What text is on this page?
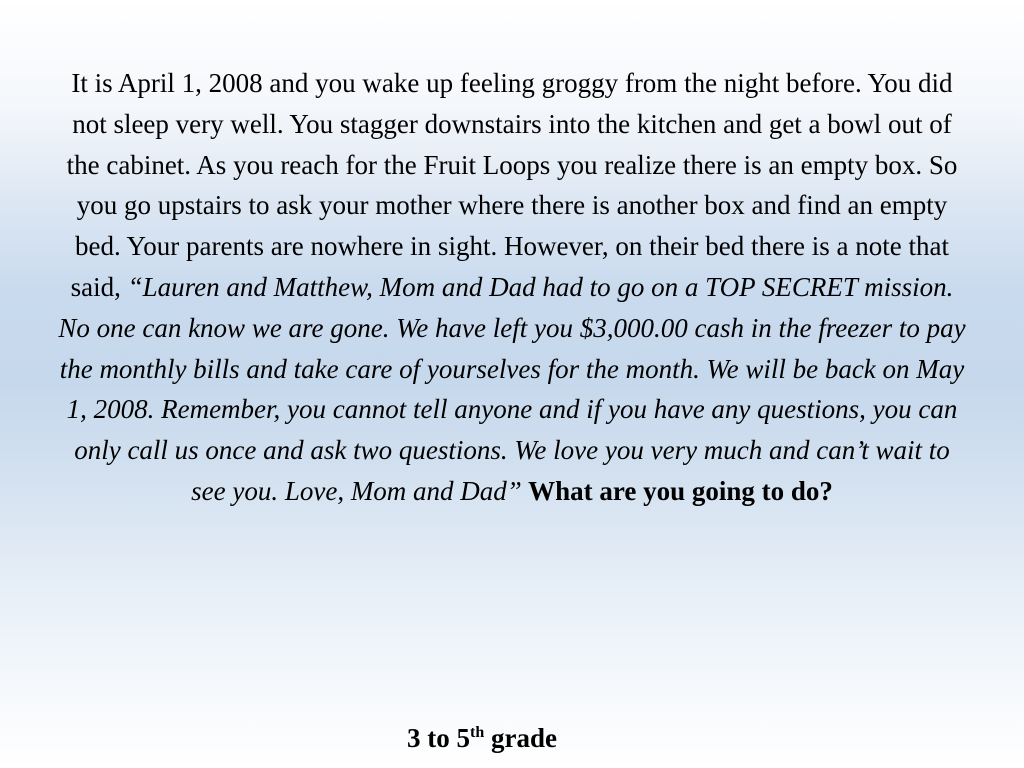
It is April 1, 2008 and you wake up feeling groggy from the night before. You did not sleep very well. You stagger downstairs into the kitchen and get a bowl out of the cabinet. As you reach for the Fruit Loops you realize there is an empty box. So you go upstairs to ask your mother where there is another box and find an empty bed. Your parents are nowhere in sight. However, on their bed there is a note that said, “Lauren and Matthew, Mom and Dad had to go on a TOP SECRET mission. No one can know we are gone. We have left you $3,000.00 cash in the freezer to pay the monthly bills and take care of yourselves for the month. We will be back on May 1, 2008. Remember, you cannot tell anyone and if you have any questions, you can only call us once and ask two questions. We love you very much and can’t wait to see you. Love, Mom and Dad” What are you going to do?

3 to 5th grade
